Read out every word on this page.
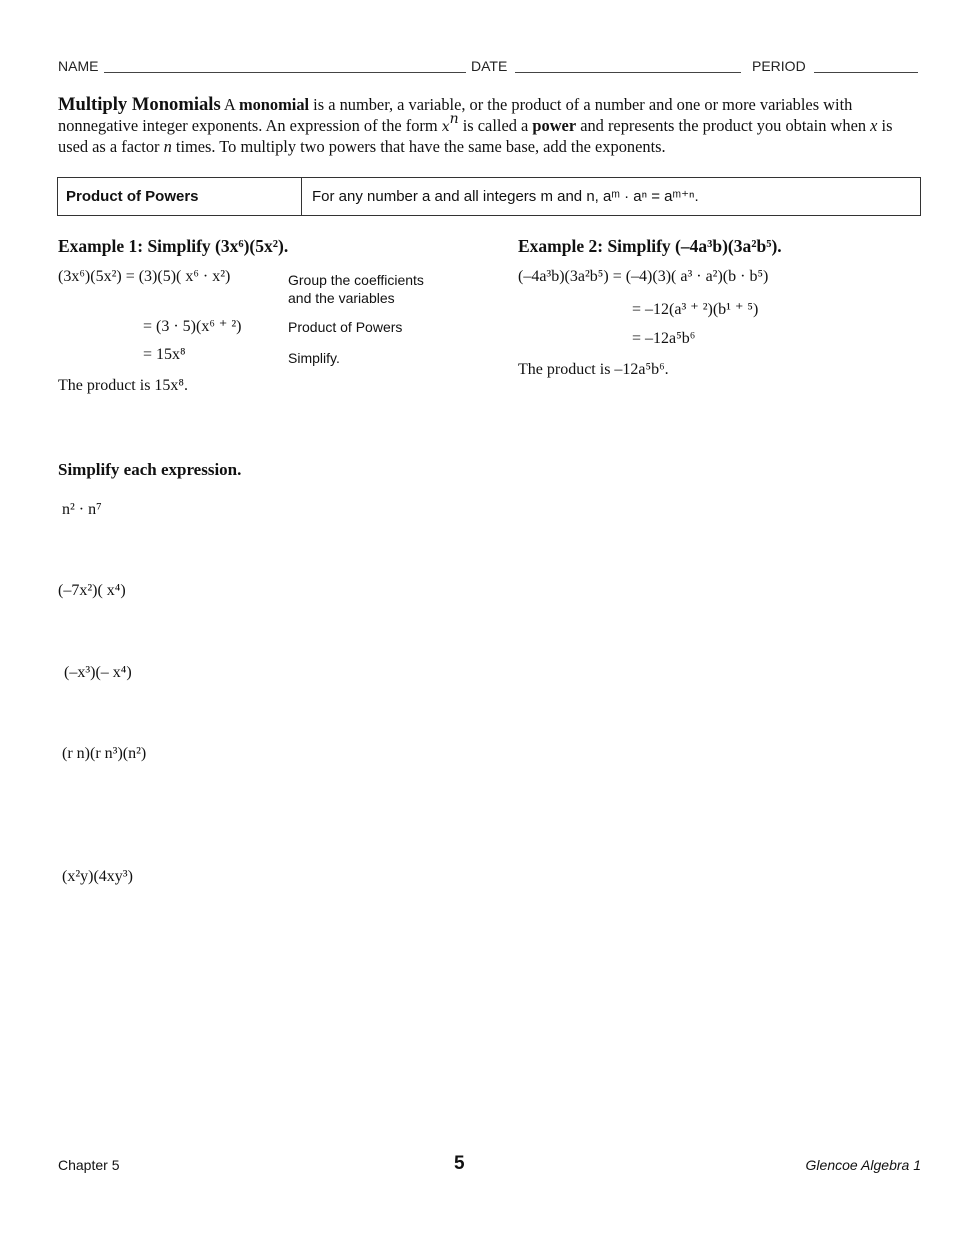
NAME	DATE	PERIOD
Multiply Monomials A monomial is a number, a variable, or the product of a number and one or more variables with nonnegative integer exponents. An expression of the form $x^n$ is called a power and represents the product you obtain when x is used as a factor n times. To multiply two powers that have the same base, add the exponents.
Product of Powers	For any number a and all integers m and n, aᵐ · aⁿ = aᵐ⁺ⁿ.
Example 1: Simplify (3x⁶)(5x²).
(3x⁶)(5x²) = (3)(5)( x⁶ · x²)	Group the coefficients and the variables
= (3 · 5)(x⁶ ⁺ ²)	Product of Powers
= 15x⁸	Simplify.
The product is 15x⁸.
Example 2: Simplify (–4a³b)(3a²b⁵).
(–4a³b)(3a²b⁵) = (–4)(3)( a³ · a²)(b · b⁵)
= –12(a³ ⁺ ²)(b¹ ⁺ ⁵)
= –12a⁵b⁶
The product is –12a⁵b⁶.
Simplify each expression.
n² · n⁷
(–7x²)( x⁴)
(–x³)(– x⁴)
(r n)(r n³)(n²)
(x²y)(4xy³)
Chapter 5	5	Glencoe Algebra 1
